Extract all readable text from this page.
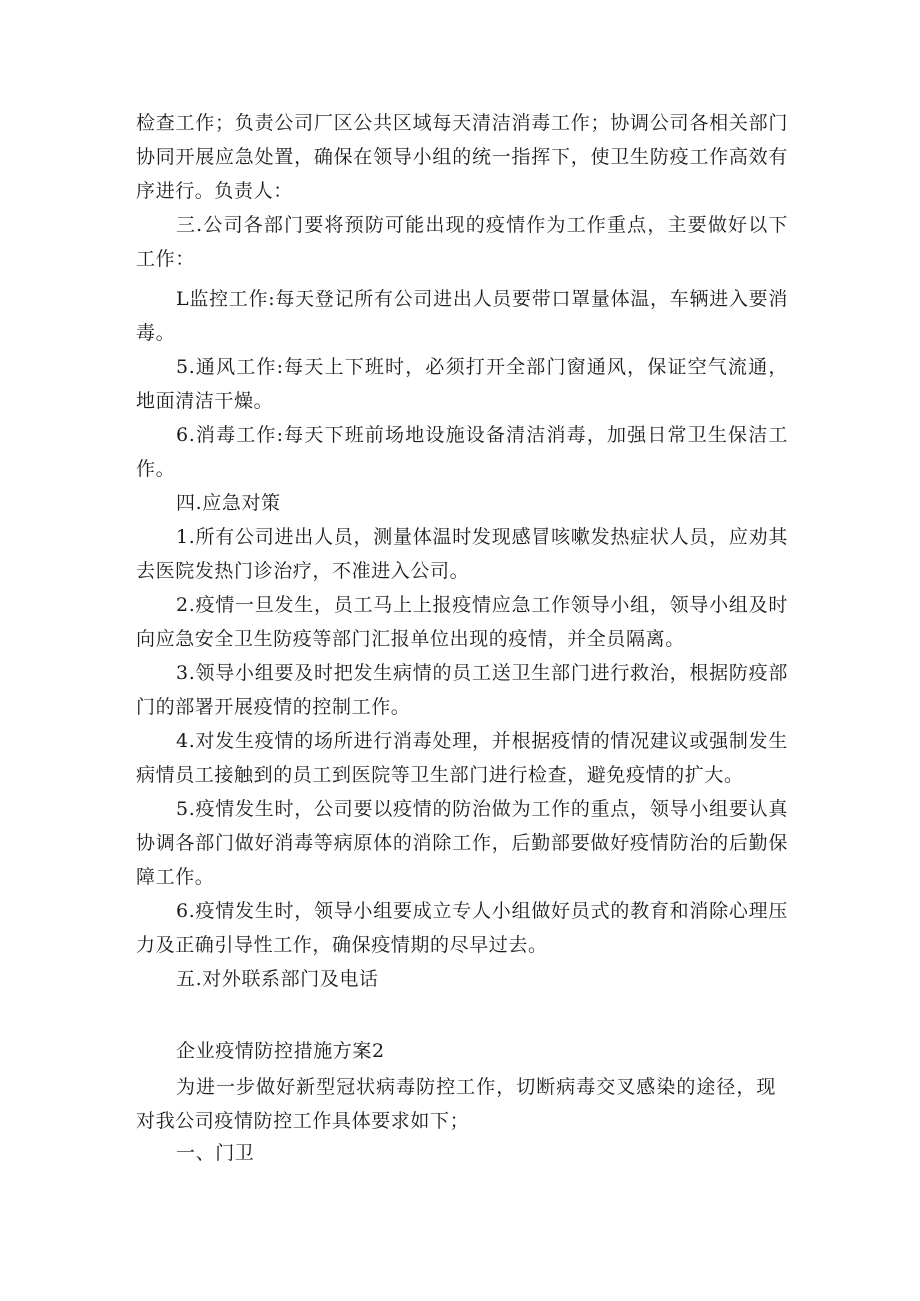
检查工作；负责公司厂区公共区域每天清洁消毒工作；协调公司各相关部门协同开展应急处置，确保在领导小组的统一指挥下，使卫生防疫工作高效有序进行。负责人：

三.公司各部门要将预防可能出现的疫情作为工作重点，主要做好以下工作：

L监控工作:每天登记所有公司进出人员要带口罩量体温，车辆进入要消毒。

5.通风工作:每天上下班时，必须打开全部门窗通风，保证空气流通，地面清洁干燥。

6.消毒工作:每天下班前场地设施设备清洁消毒，加强日常卫生保洁工作。

四.应急对策

1.所有公司进出人员，测量体温时发现感冒咳嗽发热症状人员，应劝其去医院发热门诊治疗，不准进入公司。

2.疫情一旦发生，员工马上上报疫情应急工作领导小组，领导小组及时向应急安全卫生防疫等部门汇报单位出现的疫情，并全员隔离。

3.领导小组要及时把发生病情的员工送卫生部门进行救治，根据防疫部门的部署开展疫情的控制工作。

4.对发生疫情的场所进行消毒处理，并根据疫情的情况建议或强制发生病情员工接触到的员工到医院等卫生部门进行检查，避免疫情的扩大。

5.疫情发生时，公司要以疫情的防治做为工作的重点，领导小组要认真协调各部门做好消毒等病原体的消除工作，后勤部要做好疫情防治的后勤保障工作。

6.疫情发生时，领导小组要成立专人小组做好员式的教育和消除心理压力及正确引导性工作，确保疫情期的尽早过去。

五.对外联系部门及电话

企业疫情防控措施方案2

为进一步做好新型冠状病毒防控工作，切断病毒交叉感染的途径，现对我公司疫情防控工作具体要求如下；

一、门卫
